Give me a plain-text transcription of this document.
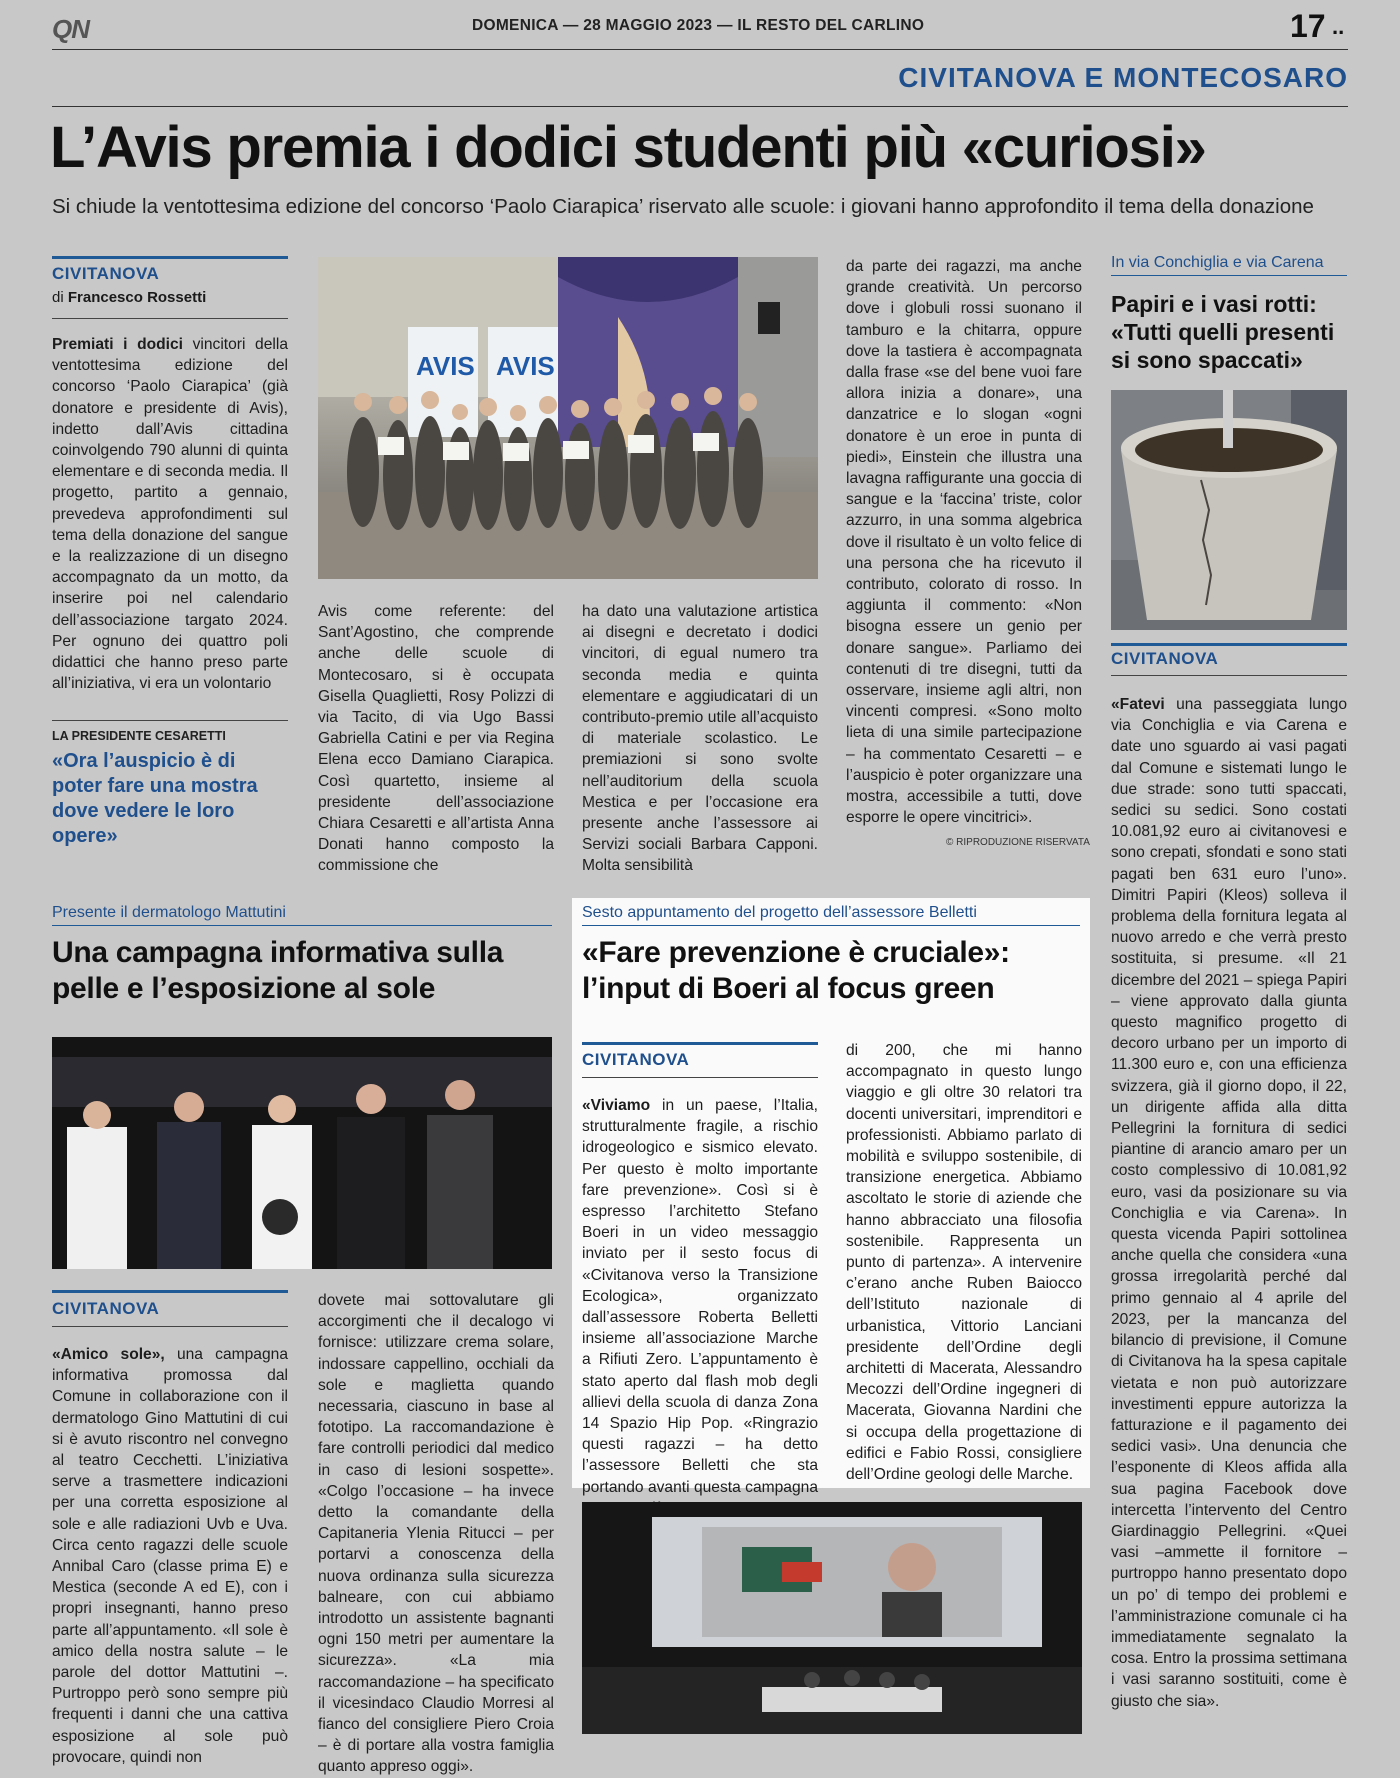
QN	DOMENICA — 28 MAGGIO 2023 — IL RESTO DEL CARLINO	17 ..
CIVITANOVA E MONTECOSARO
L’Avis premia i dodici studenti più «curiosi»
Si chiude la ventottesima edizione del concorso ‘Paolo Ciarapica’ riservato alle scuole: i giovani hanno approfondito il tema della donazione
CIVITANOVA
di Francesco Rossetti
Premiati i dodici vincitori della ventottesima edizione del concorso ‘Paolo Ciarapica’ (già donatore e presidente di Avis), indetto dall’Avis cittadina coinvolgendo 790 alunni di quinta elementare e di seconda media. Il progetto, partito a gennaio, prevedeva approfondimenti sul tema della donazione del sangue e la realizzazione di un disegno accompagnato da un motto, da inserire poi nel calendario dell’associazione targato 2024. Per ognuno dei quattro poli didattici che hanno preso parte all’iniziativa, vi era un volontario
LA PRESIDENTE CESARETTI
«Ora l’auspicio è di poter fare una mostra dove vedere le loro opere»
AVIS AVIS
Avis come referente: del Sant’Agostino, che comprende anche delle scuole di Montecosaro, si è occupata Gisella Quaglietti, Rosy Polizzi di via Tacito, di via Ugo Bassi Gabriella Catini e per via Regina Elena ecco Damiano Ciarapica. Così quartetto, insieme al presidente dell’associazione Chiara Cesaretti e all’artista Anna Donati hanno composto la commissione che
ha dato una valutazione artistica ai disegni e decretato i dodici vincitori, di egual numero tra seconda media e quinta elementare e aggiudicatari di un contributo-premio utile all’acquisto di materiale scolastico. Le premiazioni si sono svolte nell’auditorium della scuola Mestica e per l’occasione era presente anche l’assessore ai Servizi sociali Barbara Capponi. Molta sensibilità
da parte dei ragazzi, ma anche grande creatività. Un percorso dove i globuli rossi suonano il tamburo e la chitarra, oppure dove la tastiera è accompagnata dalla frase «se del bene vuoi fare allora inizia a donare», una danzatrice e lo slogan «ogni donatore è un eroe in punta di piedi», Einstein che illustra una lavagna raffigurante una goccia di sangue e la ‘faccina’ triste, color azzurro, in una somma algebrica dove il risultato è un volto felice di una persona che ha ricevuto il contributo, colorato di rosso. In aggiunta il commento: «Non bisogna essere un genio per donare sangue». Parliamo dei contenuti di tre disegni, tutti da osservare, insieme agli altri, non vincenti compresi. «Sono molto lieta di una simile partecipazione – ha commentato Cesaretti – e l’auspicio è poter organizzare una mostra, accessibile a tutti, dove esporre le opere vincitrici».
© RIPRODUZIONE RISERVATA
In via Conchiglia e via Carena
Papiri e i vasi rotti: «Tutti quelli presenti si sono spaccati»
CIVITANOVA
«Fatevi una passeggiata lungo via Conchiglia e via Carena e date uno sguardo ai vasi pagati dal Comune e sistemati lungo le due strade: sono tutti spaccati, sedici su sedici. Sono costati 10.081,92 euro ai civitanovesi e sono crepati, sfondati e sono stati pagati ben 631 euro l’uno». Dimitri Papiri (Kleos) solleva il problema della fornitura legata al nuovo arredo e che verrà presto sostituita, si presume. «Il 21 dicembre del 2021 – spiega Papiri – viene approvato dalla giunta questo magnifico progetto di decoro urbano per un importo di 11.300 euro e, con una efficienza svizzera, già il giorno dopo, il 22, un dirigente affida alla ditta Pellegrini la fornitura di sedici piantine di arancio amaro per un costo complessivo di 10.081,92 euro, vasi da posizionare su via Conchiglia e via Carena». In questa vicenda Papiri sottolinea anche quella che considera «una grossa irregolarità perché dal primo gennaio al 4 aprile del 2023, per la mancanza del bilancio di previsione, il Comune di Civitanova ha la spesa capitale vietata e non può autorizzare investimenti eppure autorizza la fatturazione e il pagamento dei sedici vasi». Una denuncia che l’esponente di Kleos affida alla sua pagina Facebook dove intercetta l’intervento del Centro Giardinaggio Pellegrini. «Quei vasi –ammette il fornitore – purtroppo hanno presentato dopo un po’ di tempo dei problemi e l’amministrazione comunale ci ha immediatamente segnalato la cosa. Entro la prossima settimana i vasi saranno sostituiti, come è giusto che sia».
Presente il dermatologo Mattutini
Una campagna informativa sulla pelle e l’esposizione al sole
CIVITANOVA
«Amico sole», una campagna informativa promossa dal Comune in collaborazione con il dermatologo Gino Mattutini di cui si è avuto riscontro nel convegno al teatro Cecchetti. L’iniziativa serve a trasmettere indicazioni per una corretta esposizione al sole e alle radiazioni Uvb e Uva. Circa cento ragazzi delle scuole Annibal Caro (classe prima E) e Mestica (seconde A ed E), con i propri insegnanti, hanno preso parte all’appuntamento. «Il sole è amico della nostra salute – le parole del dottor Mattutini –. Purtroppo però sono sempre più frequenti i danni che una cattiva esposizione al sole può provocare, quindi non
dovete mai sottovalutare gli accorgimenti che il decalogo vi fornisce: utilizzare crema solare, indossare cappellino, occhiali da sole e maglietta quando necessaria, ciascuno in base al fototipo. La raccomandazione è fare controlli periodici dal medico in caso di lesioni sospette». «Colgo l’occasione – ha invece detto la comandante della Capitaneria Ylenia Ritucci – per portarvi a conoscenza della nuova ordinanza sulla sicurezza balneare, con cui abbiamo introdotto un assistente bagnanti ogni 150 metri per aumentare la sicurezza». «La mia raccomandazione – ha specificato il vicesindaco Claudio Morresi al fianco del consigliere Piero Croia – è di portare alla vostra famiglia quanto appreso oggi».
Sesto appuntamento del progetto dell’assessore Belletti
«Fare prevenzione è cruciale»: l’input di Boeri al focus green
CIVITANOVA
«Viviamo in un paese, l’Italia, strutturalmente fragile, a rischio idrogeologico e sismico elevato. Per questo è molto importante fare prevenzione». Così si è espresso l’architetto Stefano Boeri in un video messaggio inviato per il sesto focus di «Civitanova verso la Transizione Ecologica», organizzato dall’assessore Roberta Belletti insieme all’associazione Marche a Rifiuti Zero. L’appuntamento è stato aperto dal flash mob degli allievi della scuola di danza Zona 14 Spazio Hip Pop. «Ringrazio questi ragazzi – ha detto l’assessore Belletti che sta portando avanti questa campagna
di 200, che mi hanno accompagnato in questo lungo viaggio e gli oltre 30 relatori tra docenti universitari, imprenditori e professionisti. Abbiamo parlato di mobilità e sviluppo sostenibile, di transizione energetica. Abbiamo ascoltato le storie di aziende che hanno abbracciato una filosofia sostenibile. Rappresenta un punto di partenza». A intervenire c’erano anche Ruben Baiocco dell’Istituto nazionale di urbanistica, Vittorio Lanciani presidente dell’Ordine degli architetti di Macerata, Alessandro Mecozzi dell’Ordine ingegneri di Macerata, Giovanna Nardini che si occupa della progettazione di edifici e Fabio Rossi, consigliere dell’Ordine geologi delle Marche.
